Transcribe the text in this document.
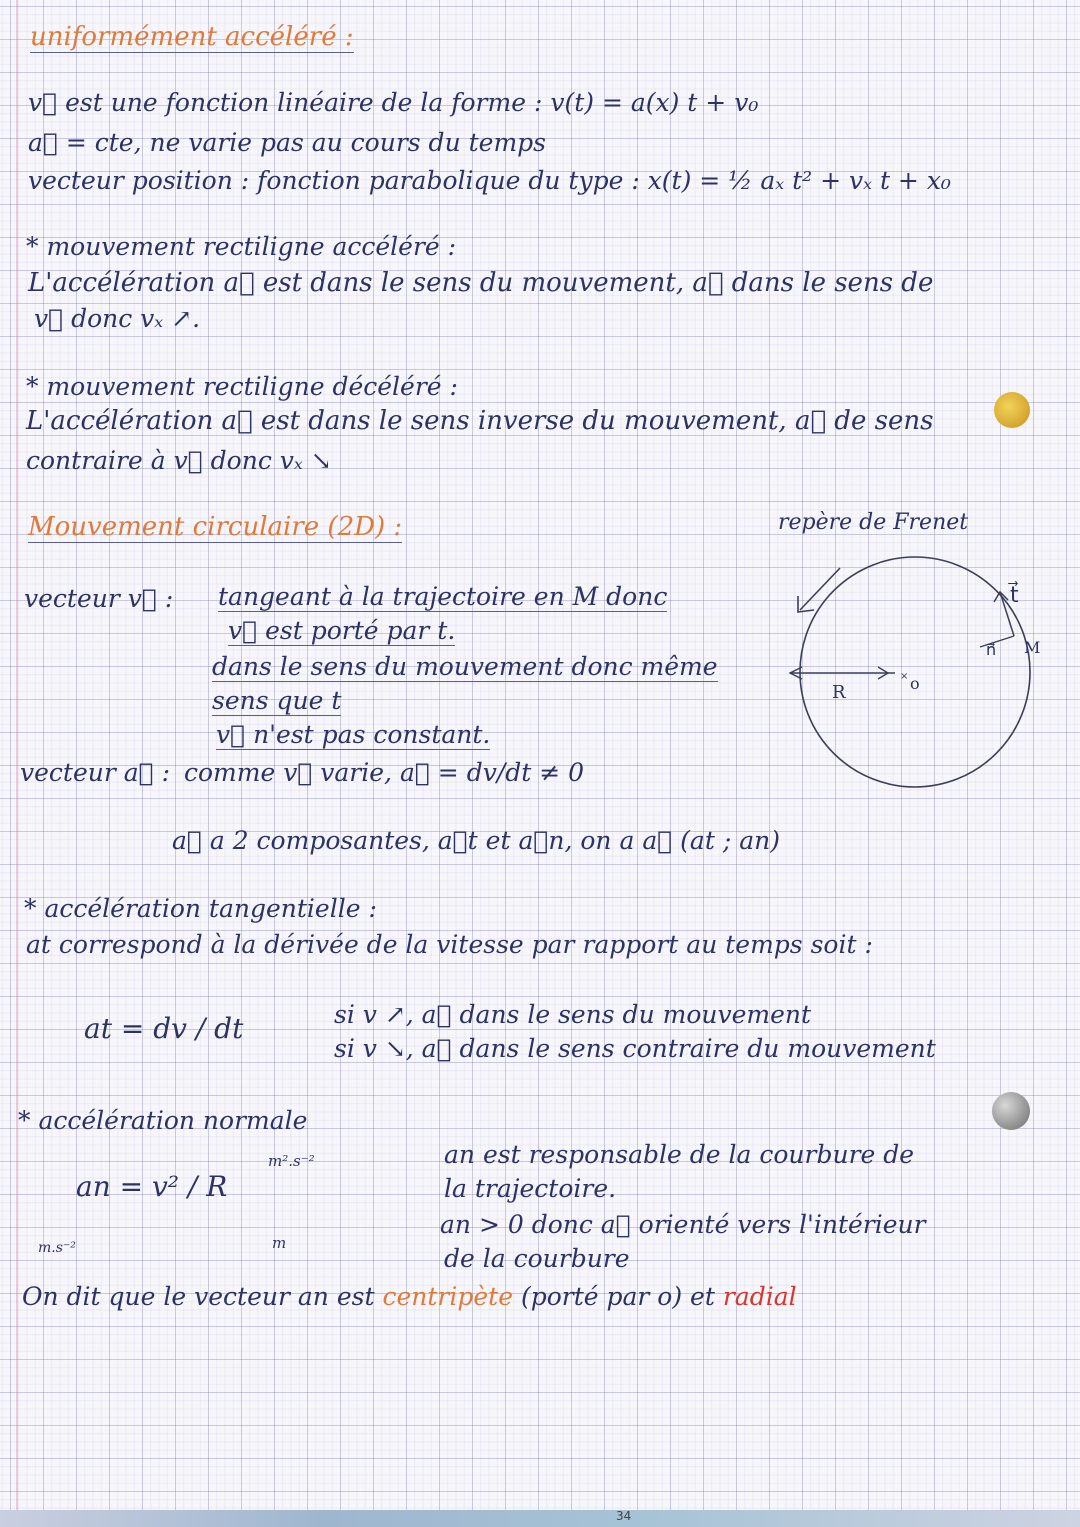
uniformément accéléré :
v⃗ est une fonction linéaire de la forme : v(t) = a(x) t + v₀
a⃗ = cte, ne varie pas au cours du temps
vecteur position : fonction parabolique du type : x(t) = ½ aₓ t² + vₓ t + x₀
* mouvement rectiligne accéléré :
L'accélération a⃗ est dans le sens du mouvement, a⃗ dans le sens de
v⃗ donc vₓ ↗.
* mouvement rectiligne décéléré :
L'accélération a⃗ est dans le sens inverse du mouvement, a⃗ de sens
contraire à v⃗ donc vₓ ↘
Mouvement circulaire (2D) :	repère de Frenet
×
t⃗
n⃗ M
R	o
vecteur v⃗ : tangeant à la trajectoire en M donc
v⃗ est porté par t.
dans le sens du mouvement donc même
sens que t
v⃗ n'est pas constant.
vecteur a⃗ : comme v⃗ varie, a⃗ = dv/dt ≠ 0
a⃗ a 2 composantes, a⃗t et a⃗n, on a a⃗ (at ; an)
* accélération tangentielle :
at correspond à la dérivée de la vitesse par rapport au temps soit :
at = dv / dt	si v ↗, a⃗ dans le sens du mouvement
si v ↘, a⃗ dans le sens contraire du mouvement
* accélération normale
an = v² / R
m².s⁻²
m
m.s⁻²
an est responsable de la courbure de
la trajectoire.
an > 0 donc a⃗ orienté vers l'intérieur
de la courbure
On dit que le vecteur an est centripète (porté par o) et radial
34
